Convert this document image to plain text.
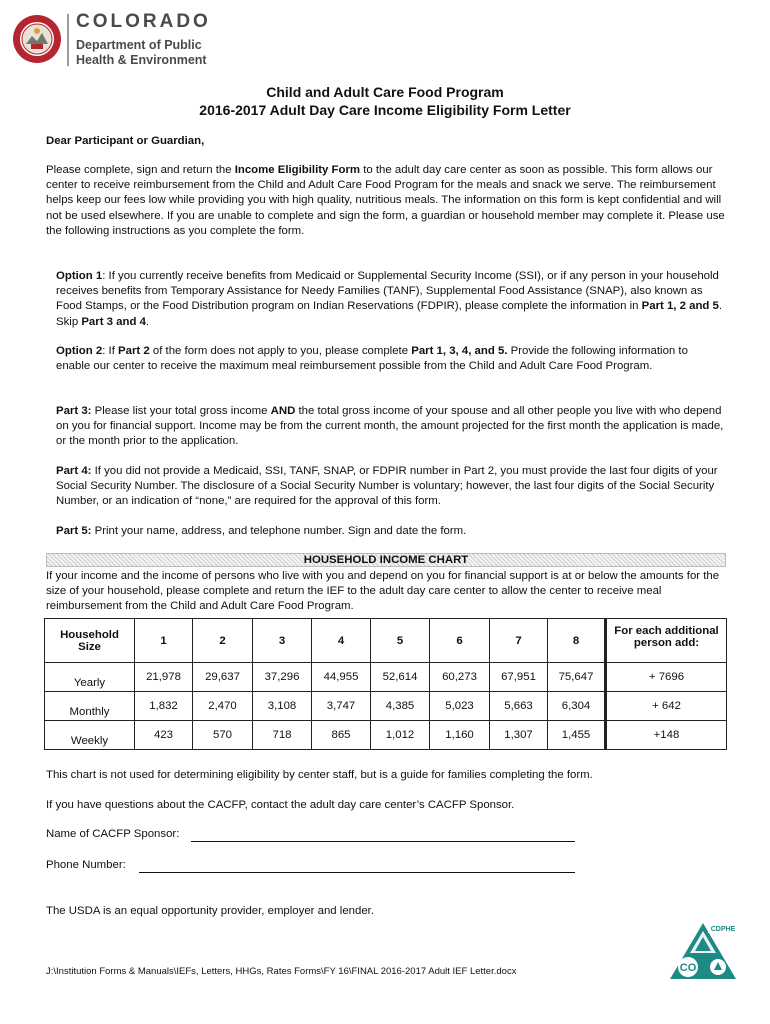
COLORADO
Department of Public
Health & Environment
Child and Adult Care Food Program
2016-2017 Adult Day Care Income Eligibility Form Letter
Dear Participant or Guardian,
Please complete, sign and return the Income Eligibility Form to the adult day care center as soon as possible. This form allows our center to receive reimbursement from the Child and Adult Care Food Program for the meals and snack we serve. The reimbursement helps keep our fees low while providing you with high quality, nutritious meals. The information on this form is kept confidential and will not be used elsewhere. If you are unable to complete and sign the form, a guardian or household member may complete it. Please use the following instructions as you complete the form.
Option 1: If you currently receive benefits from Medicaid or Supplemental Security Income (SSI), or if any person in your household receives benefits from Temporary Assistance for Needy Families (TANF), Supplemental Food Assistance (SNAP), also known as Food Stamps, or the Food Distribution program on Indian Reservations (FDPIR), please complete the information in Part 1, 2 and 5. Skip Part 3 and 4.
Option 2: If Part 2 of the form does not apply to you, please complete Part 1, 3, 4, and 5. Provide the following information to enable our center to receive the maximum meal reimbursement possible from the Child and Adult Care Food Program.
Part 3: Please list your total gross income AND the total gross income of your spouse and all other people you live with who depend on you for financial support. Income may be from the current month, the amount projected for the first month the application is made, or the month prior to the application.
Part 4: If you did not provide a Medicaid, SSI, TANF, SNAP, or FDPIR number in Part 2, you must provide the last four digits of your Social Security Number. The disclosure of a Social Security Number is voluntary; however, the last four digits of the Social Security Number, or an indication of “none,” are required for the approval of this form.
Part 5: Print your name, address, and telephone number. Sign and date the form.
HOUSEHOLD INCOME CHART
If your income and the income of persons who live with you and depend on you for financial support is at or below the amounts for the size of your household, please complete and return the IEF to the adult day care center to allow the center to receive meal reimbursement from the Child and Adult Care Food Program.
Household
Size	1	2	3	4	5	6	7	8	For each additional
person add:
Yearly	21,978	29,637	37,296	44,955	52,614	60,273	67,951	75,647	+ 7696
Monthly	1,832	2,470	3,108	3,747	4,385	5,023	5,663	6,304	+ 642
Weekly	423	570	718	865	1,012	1,160	1,307	1,455	+148
This chart is not used for determining eligibility by center staff, but is a guide for families completing the form.
If you have questions about the CACFP, contact the adult day care center’s CACFP Sponsor.
Name of CACFP Sponsor:
Phone Number:
The USDA is an equal opportunity provider, employer and lender.
J:\Institution Forms & Manuals\IEFs, Letters, HHGs, Rates Forms\FY 16\FINAL 2016-2017 Adult IEF Letter.docx
CDPHE
CO
